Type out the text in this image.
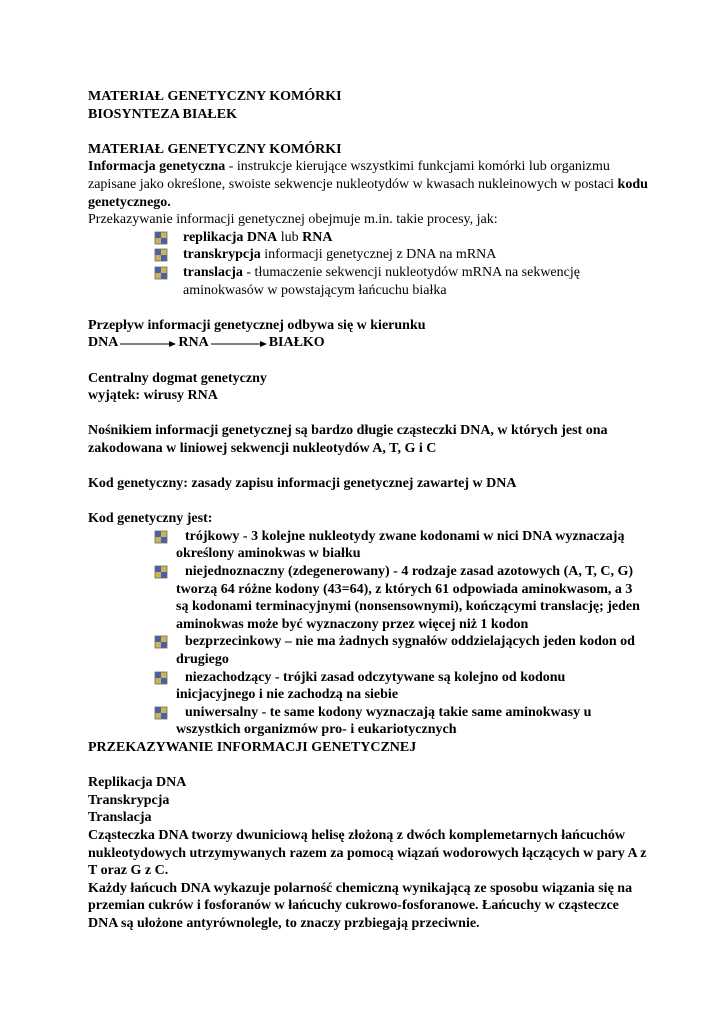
MATERIAŁ GENETYCZNY KOMÓRKI

BIOSYNTEZA BIAŁEK

MATERIAŁ GENETYCZNY KOMÓRKI

Informacja genetyczna - instrukcje kierujące wszystkimi funkcjami komórki lub organizmu zapisane jako określone, swoiste sekwencje nukleotydów w kwasach nukleinowych w postaci kodu genetycznego.

Przekazywanie informacji genetycznej obejmuje m.in. takie procesy, jak:

replikacja DNA lub RNA
transkrypcja informacji genetycznej z DNA na mRNA
translacja - tłumaczenie sekwencji nukleotydów mRNA na sekwencję aminokwasów w powstającym łańcuchu białka

Przepływ informacji genetycznej odbywa się w kierunku

DNA	RNA	BIAŁKO

Centralny dogmat genetyczny

wyjątek: wirusy RNA

Nośnikiem informacji genetycznej są bardzo długie cząsteczki DNA, w których jest ona zakodowana w liniowej sekwencji nukleotydów A, T, G i C

Kod genetyczny: zasady zapisu informacji genetycznej zawartej w DNA

Kod genetyczny jest:

trójkowy - 3 kolejne nukleotydy zwane kodonami w nici DNA wyznaczają określony aminokwas w białku
niejednoznaczny (zdegenerowany) - 4 rodzaje zasad azotowych (A, T, C, G) tworzą 64 różne kodony (43=64), z których 61 odpowiada aminokwasom, a 3 są kodonami terminacyjnymi (nonsensownymi), kończącymi translację; jeden aminokwas może być wyznaczony przez więcej niż 1 kodon
bezprzecinkowy – nie ma żadnych sygnałów oddzielających jeden kodon od drugiego
niezachodzący - trójki zasad odczytywane są kolejno od kodonu inicjacyjnego i nie zachodzą na siebie
uniwersalny - te same kodony wyznaczają takie same aminokwasy u wszystkich organizmów pro- i eukariotycznych

PRZEKAZYWANIE INFORMACJI GENETYCZNEJ

Replikacja DNA

Transkrypcja

Translacja

Cząsteczka DNA tworzy dwuniciową helisę złożoną z dwóch komplemetarnych łańcuchów nukleotydowych utrzymywanych razem za pomocą wiązań wodorowych łączących w pary A z T oraz G z C.

Każdy łańcuch DNA wykazuje polarność chemiczną wynikającą ze sposobu wiązania się na przemian cukrów i fosforanów w łańcuchy cukrowo-fosforanowe. Łańcuchy w cząsteczce DNA są ułożone antyrównolegle, to znaczy przbiegają przeciwnie.
